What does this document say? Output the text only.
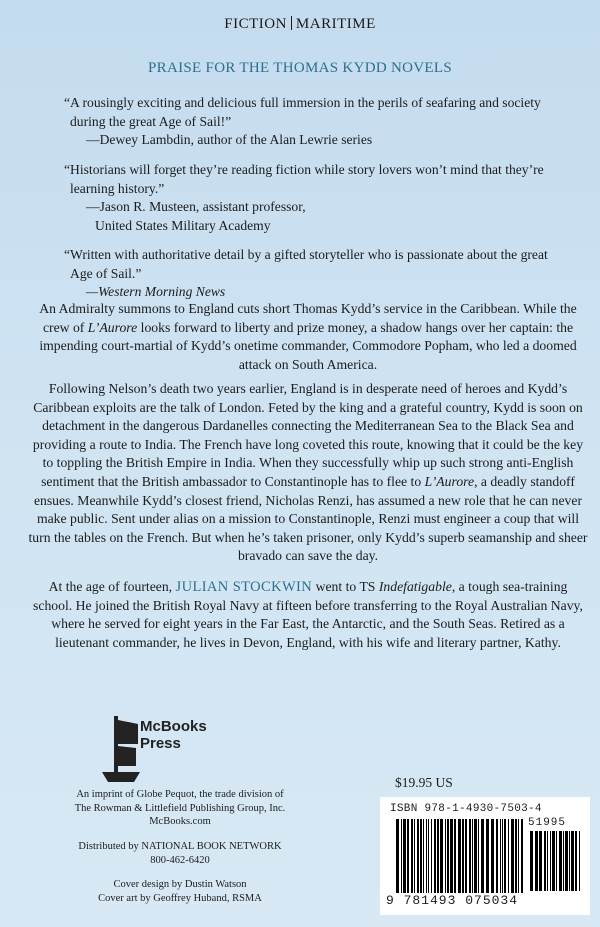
FICTION MARITIME
PRAISE FOR THE THOMAS KYDD NOVELS
“A rousingly exciting and delicious full immersion in the perils of seafaring and society during the great Age of Sail!”
—Dewey Lambdin, author of the Alan Lewrie series
“Historians will forget they’re reading fiction while story lovers won’t mind that they’re learning history.”
—Jason R. Musteen, assistant professor,
United States Military Academy
“Written with authoritative detail by a gifted storyteller who is passionate about the great Age of Sail.”
—Western Morning News
An Admiralty summons to England cuts short Thomas Kydd’s service in the Caribbean. While the crew of L’Aurore looks forward to liberty and prize money, a shadow hangs over her captain: the impending court-martial of Kydd’s onetime commander, Commodore Popham, who led a doomed attack on South America.
Following Nelson’s death two years earlier, England is in desperate need of heroes and Kydd’s Caribbean exploits are the talk of London. Feted by the king and a grateful country, Kydd is soon on detachment in the dangerous Dardanelles connecting the Mediterranean Sea to the Black Sea and providing a route to India. The French have long coveted this route, knowing that it could be the key to toppling the British Empire in India. When they successfully whip up such strong anti-English sentiment that the British ambassador to Constantinople has to flee to L’Aurore, a deadly standoff ensues. Meanwhile Kydd’s closest friend, Nicholas Renzi, has assumed a new role that he can never make public. Sent under alias on a mission to Constantinople, Renzi must engineer a coup that will turn the tables on the French. But when he’s taken prisoner, only Kydd’s superb seamanship and sheer bravado can save the day.
At the age of fourteen, JULIAN STOCKWIN went to TS Indefatigable, a tough sea-training school. He joined the British Royal Navy at fifteen before transferring to the Royal Australian Navy, where he served for eight years in the Far East, the Antarctic, and the South Seas. Retired as a lieutenant commander, he lives in Devon, England, with his wife and literary partner, Kathy.
McBooks
Press
An imprint of Globe Pequot, the trade division of
The Rowman & Littlefield Publishing Group, Inc.
McBooks.com
Distributed by NATIONAL BOOK NETWORK
800-462-6420
Cover design by Dustin Watson
Cover art by Geoffrey Huband, RSMA
$19.95 US
ISBN 978-1-4930-7503-4
51995
9 781493 075034
